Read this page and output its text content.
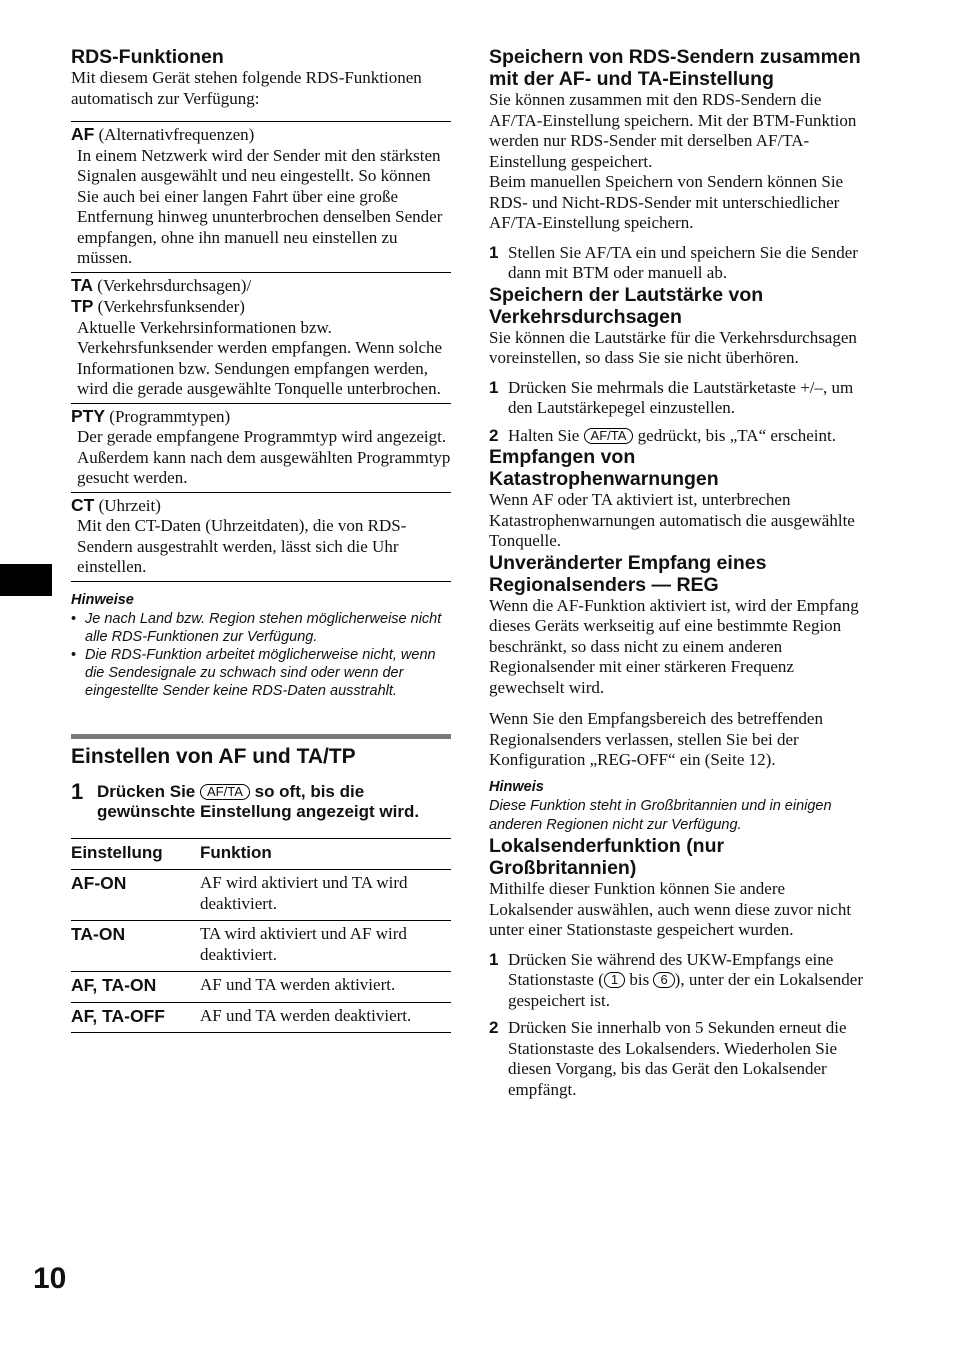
RDS-Funktionen

Mit diesem Gerät stehen folgende RDS-Funktionen automatisch zur Verfügung:

AF (Alternativfrequenzen)
In einem Netzwerk wird der Sender mit den stärksten Signalen ausgewählt und neu eingestellt. So können Sie auch bei einer langen Fahrt über eine große Entfernung hinweg ununterbrochen denselben Sender empfangen, ohne ihn manuell neu einstellen zu müssen.
TA (Verkehrsdurchsagen)/
TP (Verkehrsfunksender)
Aktuelle Verkehrsinformationen bzw. Verkehrsfunksender werden empfangen. Wenn solche Informationen bzw. Sendungen empfangen werden, wird die gerade ausgewählte Tonquelle unterbrochen.
PTY (Programmtypen)
Der gerade empfangene Programmtyp wird angezeigt. Außerdem kann nach dem ausgewählten Programmtyp gesucht werden.
CT (Uhrzeit)
Mit den CT-Daten (Uhrzeitdaten), die von RDS-Sendern ausgestrahlt werden, lässt sich die Uhr einstellen.

Hinweise

• Je nach Land bzw. Region stehen möglicherweise nicht alle RDS-Funktionen zur Verfügung.
• Die RDS-Funktion arbeitet möglicherweise nicht, wenn die Sendesignale zu schwach sind oder wenn der eingestellte Sender keine RDS-Daten ausstrahlt.
Einstellen von AF und TA/TP
1 Drücken Sie AF/TA so oft, bis die gewünschte Einstellung angezeigt wird.
Einstellung	Funktion
AF-ON	AF wird aktiviert und TA wird deaktiviert.
TA-ON	TA wird aktiviert und AF wird deaktiviert.
AF, TA-ON	AF und TA werden aktiviert.
AF, TA-OFF	AF und TA werden deaktiviert.
Speichern von RDS-Sendern zusammen mit der AF- und TA-Einstellung

Sie können zusammen mit den RDS-Sendern die AF/TA-Einstellung speichern. Mit der BTM-Funktion werden nur RDS-Sender mit derselben AF/TA-Einstellung gespeichert.

Beim manuellen Speichern von Sendern können Sie RDS- und Nicht-RDS-Sender mit unterschiedlicher AF/TA-Einstellung speichern.

1 Stellen Sie AF/TA ein und speichern Sie die Sender dann mit BTM oder manuell ab.
Speichern der Lautstärke von Verkehrsdurchsagen

Sie können die Lautstärke für die Verkehrsdurchsagen voreinstellen, so dass Sie sie nicht überhören.

1 Drücken Sie mehrmals die Lautstärketaste +/–, um den Lautstärkepegel einzustellen.
2 Halten Sie AF/TA gedrückt, bis „TA“ erscheint.
Empfangen von Katastrophenwarnungen

Wenn AF oder TA aktiviert ist, unterbrechen Katastrophenwarnungen automatisch die ausgewählte Tonquelle.

Unveränderter Empfang eines Regionalsenders — REG

Wenn die AF-Funktion aktiviert ist, wird der Empfang dieses Geräts werkseitig auf eine bestimmte Region beschränkt, so dass nicht zu einem anderen Regionalsender mit einer stärkeren Frequenz gewechselt wird.

Wenn Sie den Empfangsbereich des betreffenden Regionalsenders verlassen, stellen Sie bei der Konfiguration „REG-OFF“ ein (Seite 12).

Hinweis

Diese Funktion steht in Großbritannien und in einigen anderen Regionen nicht zur Verfügung.
Lokalsenderfunktion (nur Großbritannien)

Mithilfe dieser Funktion können Sie andere Lokalsender auswählen, auch wenn diese zuvor nicht unter einer Stationstaste gespeichert wurden.

1 Drücken Sie während des UKW-Empfangs eine Stationstaste ( 1 bis 6 ), unter der ein Lokalsender gespeichert ist.
2 Drücken Sie innerhalb von 5 Sekunden erneut die Stationstaste des Lokalsenders. Wiederholen Sie diesen Vorgang, bis das Gerät den Lokalsender empfängt.
10
